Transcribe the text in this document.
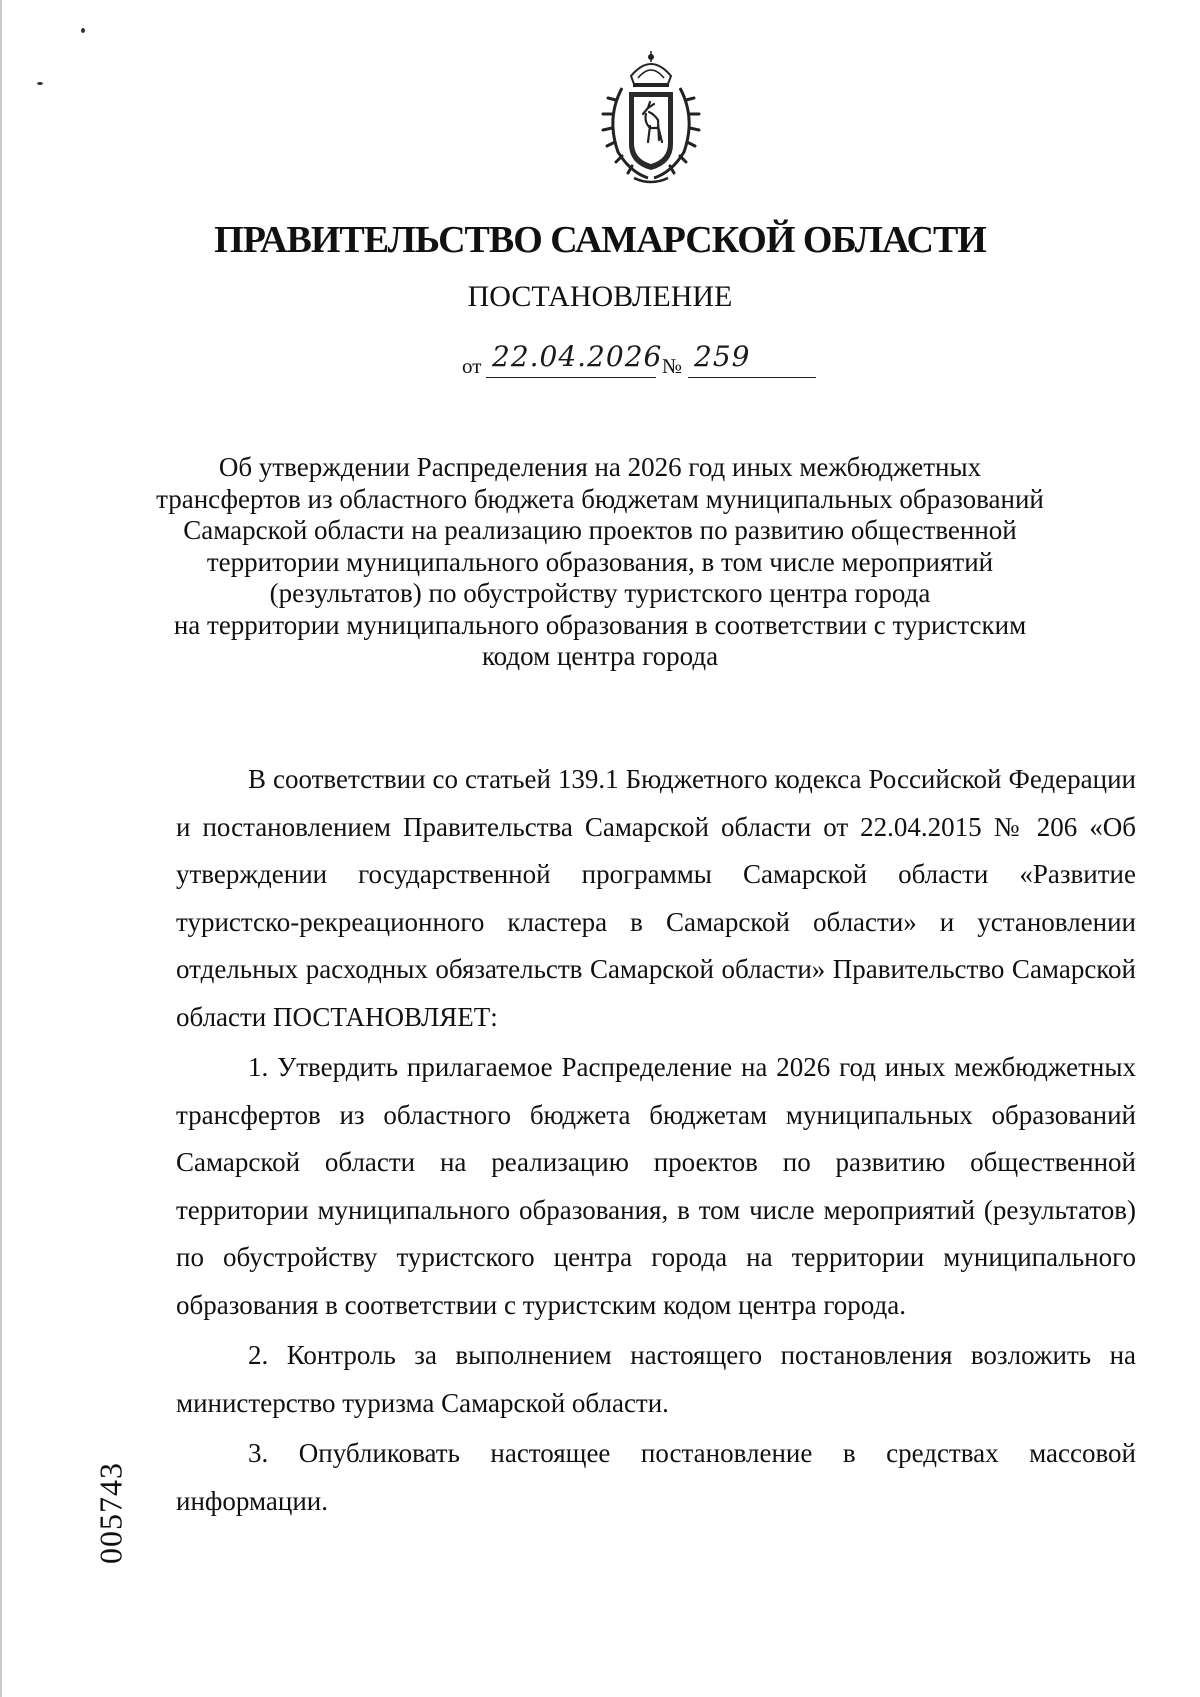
ПРАВИТЕЛЬСТВО САМАРСКОЙ ОБЛАСТИ
ПОСТАНОВЛЕНИЕ
от 22.04.2026 № 259
Об утверждении Распределения на 2026 год иных межбюджетных
трансфертов из областного бюджета бюджетам муниципальных образований
Самарской области на реализацию проектов по развитию общественной
территории муниципального образования, в том числе мероприятий
(результатов) по обустройству туристского центра города
на территории муниципального образования в соответствии с туристским
кодом центра города

В соответствии со статьей 139.1 Бюджетного кодекса Российской Федерации и постановлением Правительства Самарской области от 22.04.2015 № 206 «Об утверждении государственной программы Самарской области «Развитие туристско-рекреационного кластера в Самарской области» и установлении отдельных расходных обязательств Самарской области» Правительство Самарской области ПОСТАНОВЛЯЕТ:

1. Утвердить прилагаемое Распределение на 2026 год иных межбюджетных трансфертов из областного бюджета бюджетам муниципальных образований Самарской области на реализацию проектов по развитию общественной территории муниципального образования, в том числе мероприятий (результатов) по обустройству туристского центра города на территории муниципального образования в соответствии с туристским кодом центра города.

2. Контроль за выполнением настоящего постановления возложить на министерство туризма Самарской области.

3. Опубликовать настоящее постановление в средствах массовой информации.

005743
